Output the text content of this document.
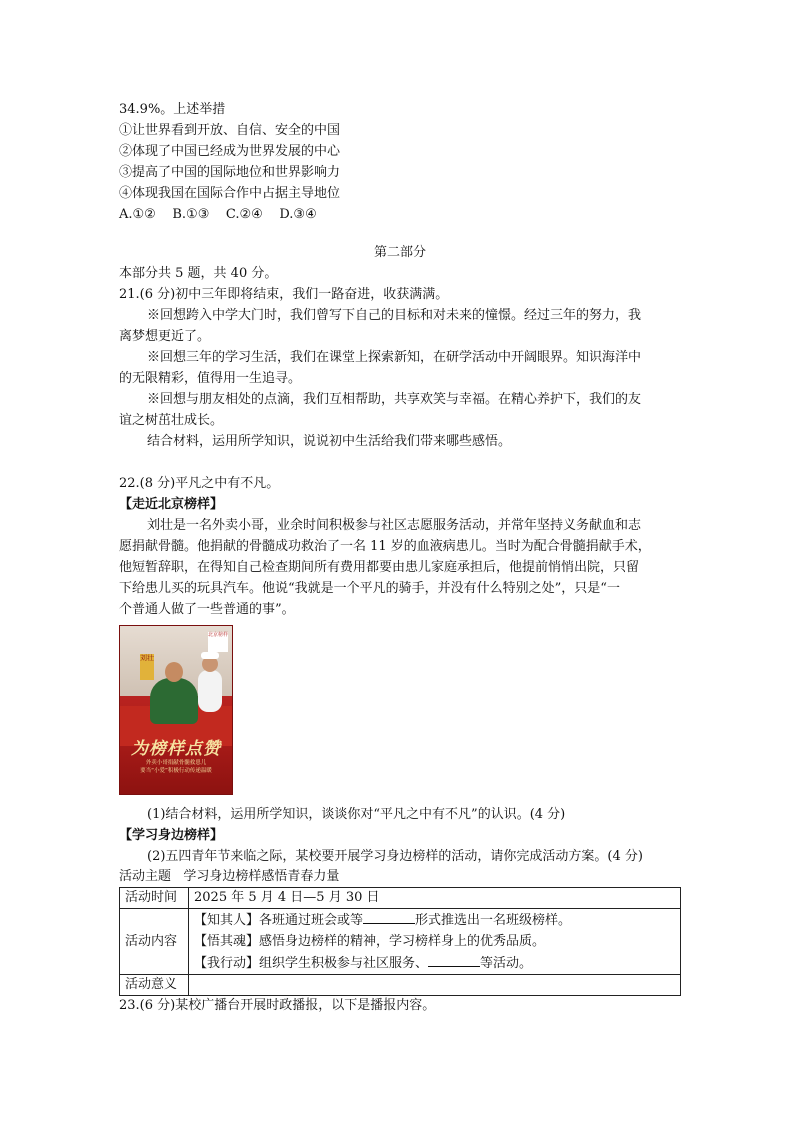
34.9%。上述举措
①让世界看到开放、自信、安全的中国
②体现了中国已经成为世界发展的中心
③提高了中国的国际地位和世界影响力
④体现我国在国际合作中占据主导地位
A.①②    B.①③    C.②④    D.③④
第二部分
本部分共 5 题，共 40 分。
21.(6 分)初中三年即将结束，我们一路奋进，收获满满。
※回想跨入中学大门时，我们曾写下自己的目标和对未来的憧憬。经过三年的努力，我
离梦想更近了。
※回想三年的学习生活，我们在课堂上探索新知，在研学活动中开阔眼界。知识海洋中
的无限精彩，值得用一生追寻。
※回想与朋友相处的点滴，我们互相帮助，共享欢笑与幸福。在精心养护下，我们的友
谊之树茁壮成长。
结合材料，运用所学知识，说说初中生活给我们带来哪些感悟。
22.(8 分)平凡之中有不凡。
【走近北京榜样】
刘壮是一名外卖小哥，业余时间积极参与社区志愿服务活动，并常年坚持义务献血和志
愿捐献骨髓。他捐献的骨髓成功救治了一名 11 岁的血液病患儿。当时为配合骨髓捐献手术，
他短暂辞职，在得知自己检查期间所有费用都要由患儿家庭承担后，他提前悄悄出院，只留
下给患儿买的玩具汽车。他说“我就是一个平凡的骑手，并没有什么特别之处”，只是“一
个普通人做了一些普通的事”。
刘壮
北京榜样
为榜样点赞
外卖小哥捐献骨髓救患儿
要当“小爱”积极行动传递温暖
(1)结合材料，运用所学知识，谈谈你对“平凡之中有不凡”的认识。(4 分)
【学习身边榜样】
(2)五四青年节来临之际，某校要开展学习身边榜样的活动，请你完成活动方案。(4 分)
活动主题   学习身边榜样感悟青春力量
活动时间	2025 年 5 月 4 日—5 月 30 日
活动内容	【知其人】各班通过班会或等 形式推选出一名班级榜样。
【悟其魂】感悟身边榜样的精神，学习榜样身上的优秀品质。
【我行动】组织学生积极参与社区服务、 等活动。

活动意义	
23.(6 分)某校广播台开展时政播报，以下是播报内容。
